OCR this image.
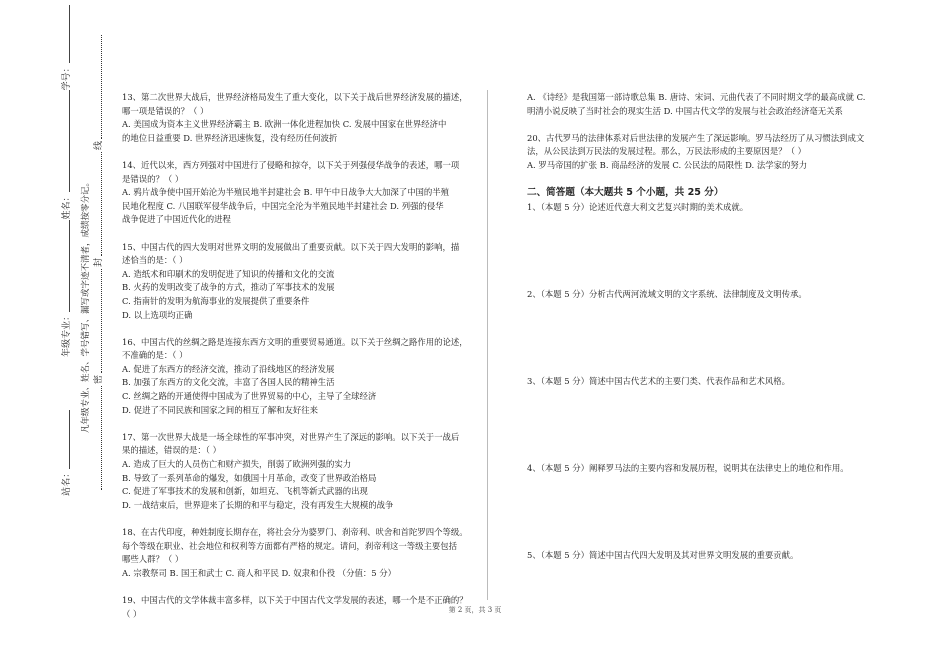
站名：
年级专业：
姓名：
学号：
凡年级专业、姓名、学号错写、漏写或字迹不清者，成绩按零分记。 密
封
线

13、第二次世界大战后，世界经济格局发生了重大变化，以下关于战后世界经济发展的描述，

哪一项是错误的？（ ）

A. 美国成为资本主义世界经济霸主 B. 欧洲一体化进程加快 C. 发展中国家在世界经济中

的地位日益重要 D. 世界经济迅速恢复，没有经历任何波折

14、近代以来，西方列强对中国进行了侵略和掠夺，以下关于列强侵华战争的表述，哪一项

是错误的？（ ）

A. 鸦片战争使中国开始沦为半殖民地半封建社会 B. 甲午中日战争大大加深了中国的半殖

民地化程度 C. 八国联军侵华战争后，中国完全沦为半殖民地半封建社会 D. 列强的侵华

战争促进了中国近代化的进程

15、中国古代的四大发明对世界文明的发展做出了重要贡献。以下关于四大发明的影响，描

述恰当的是：（ ）

A. 造纸术和印刷术的发明促进了知识的传播和文化的交流

B. 火药的发明改变了战争的方式，推动了军事技术的发展

C. 指南针的发明为航海事业的发展提供了重要条件

D. 以上选项均正确

16、中国古代的丝绸之路是连接东西方文明的重要贸易通道。以下关于丝绸之路作用的论述，

不准确的是：（ ）

A. 促进了东西方的经济交流，推动了沿线地区的经济发展

B. 加强了东西方的文化交流，丰富了各国人民的精神生活

C. 丝绸之路的开通使得中国成为了世界贸易的中心，主导了全球经济

D. 促进了不同民族和国家之间的相互了解和友好往来

17、第一次世界大战是一场全球性的军事冲突，对世界产生了深远的影响。以下关于一战后

果的描述，错误的是：（ ）

A. 造成了巨大的人员伤亡和财产损失，削弱了欧洲列强的实力

B. 导致了一系列革命的爆发，如俄国十月革命，改变了世界政治格局

C. 促进了军事技术的发展和创新，如坦克、飞机等新式武器的出现

D. 一战结束后，世界迎来了长期的和平与稳定，没有再发生大规模的战争

18、在古代印度，种姓制度长期存在，将社会分为婆罗门、刹帝利、吠舍和首陀罗四个等级。

每个等级在职业、社会地位和权利等方面都有严格的规定。请问，刹帝利这一等级主要包括

哪些人群？（ ）

A. 宗教祭司 B. 国王和武士 C. 商人和平民 D. 奴隶和仆役 （分值：5 分）

19、中国古代的文学体裁丰富多样，以下关于中国古代文学发展的表述，哪一个是不正确的？

（ ）

A. 《诗经》是我国第一部诗歌总集 B. 唐诗、宋词、元曲代表了不同时期文学的最高成就 C.

明清小说反映了当时社会的现实生活 D. 中国古代文学的发展与社会政治经济毫无关系

20、古代罗马的法律体系对后世法律的发展产生了深远影响。罗马法经历了从习惯法到成文

法，从公民法到万民法的发展过程。那么，万民法形成的主要原因是？（ ）

A. 罗马帝国的扩张 B. 商品经济的发展 C. 公民法的局限性 D. 法学家的努力

二、简答题（本大题共 5 个小题，共 25 分）
1、（本题 5 分）论述近代意大利文艺复兴时期的美术成就。
2、（本题 5 分）分析古代两河流域文明的文字系统、法律制度及文明传承。
3、（本题 5 分）简述中国古代艺术的主要门类、代表作品和艺术风格。
4、（本题 5 分）阐释罗马法的主要内容和发展历程，说明其在法律史上的地位和作用。
5、（本题 5 分）简述中国古代四大发明及其对世界文明发展的重要贡献。
第 2 页，共 3 页
